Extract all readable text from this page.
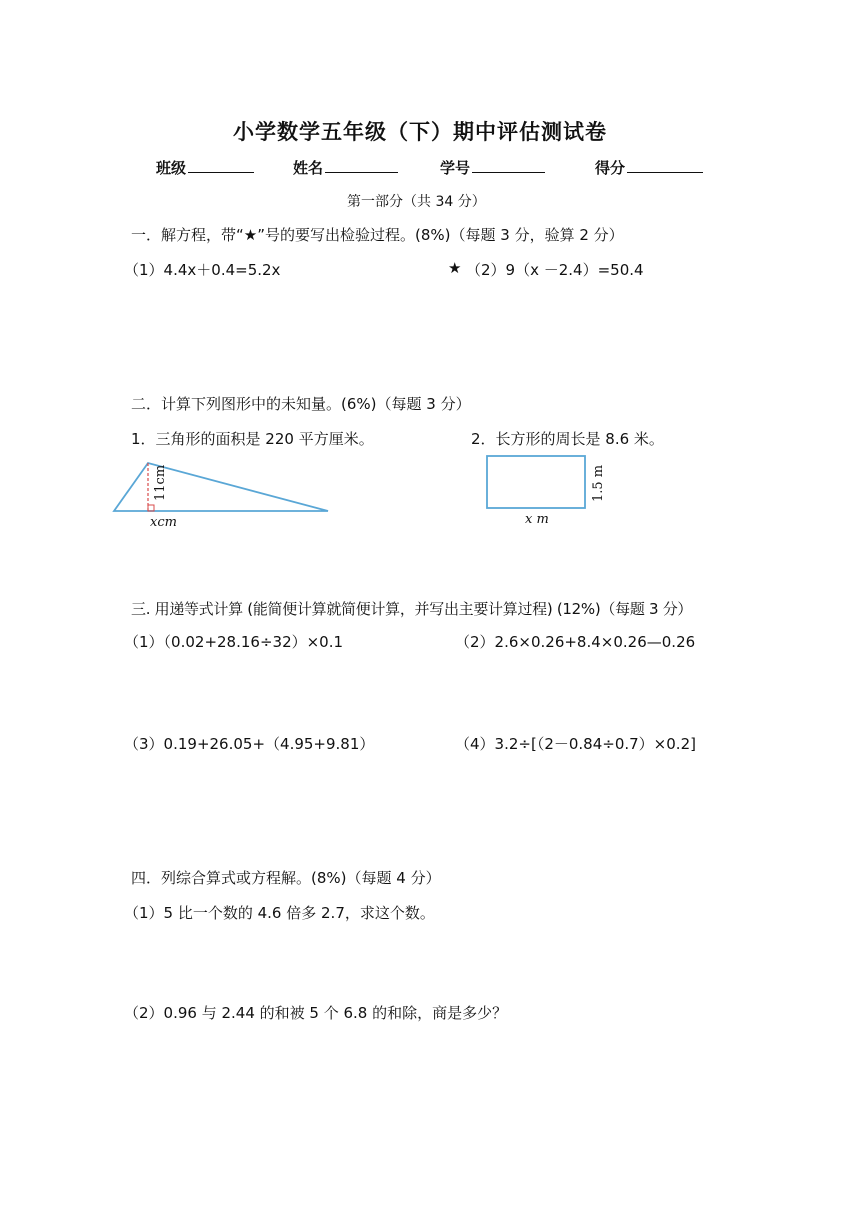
小学数学五年级（下）期中评估测试卷
班级	姓名	学号	得分
第一部分（共 34 分）
一．解方程，带“★”号的要写出检验过程。(8%)（每题 3 分，验算 2 分）
（1）4.4x＋0.4=5.2x	★ （2）9（x －2.4）=50.4
二．计算下列图形中的未知量。(6%)（每题 3 分）
1．三角形的面积是 220 平方厘米。	2．长方形的周长是 8.6 米。
11cm
xcm
1.5 m
x m
三. 用递等式计算 (能简便计算就简便计算，并写出主要计算过程) (12%)（每题 3 分）
（1）（0.02+28.16÷32）×0.1	（2）2.6×0.26+8.4×0.26—0.26
（3）0.19+26.05+（4.95+9.81）	（4）3.2÷[（2－0.84÷0.7）×0.2]
四．列综合算式或方程解。(8%)（每题 4 分）
（1）5 比一个数的 4.6 倍多 2.7，求这个数。
（2）0.96 与 2.44 的和被 5 个 6.8 的和除，商是多少？
